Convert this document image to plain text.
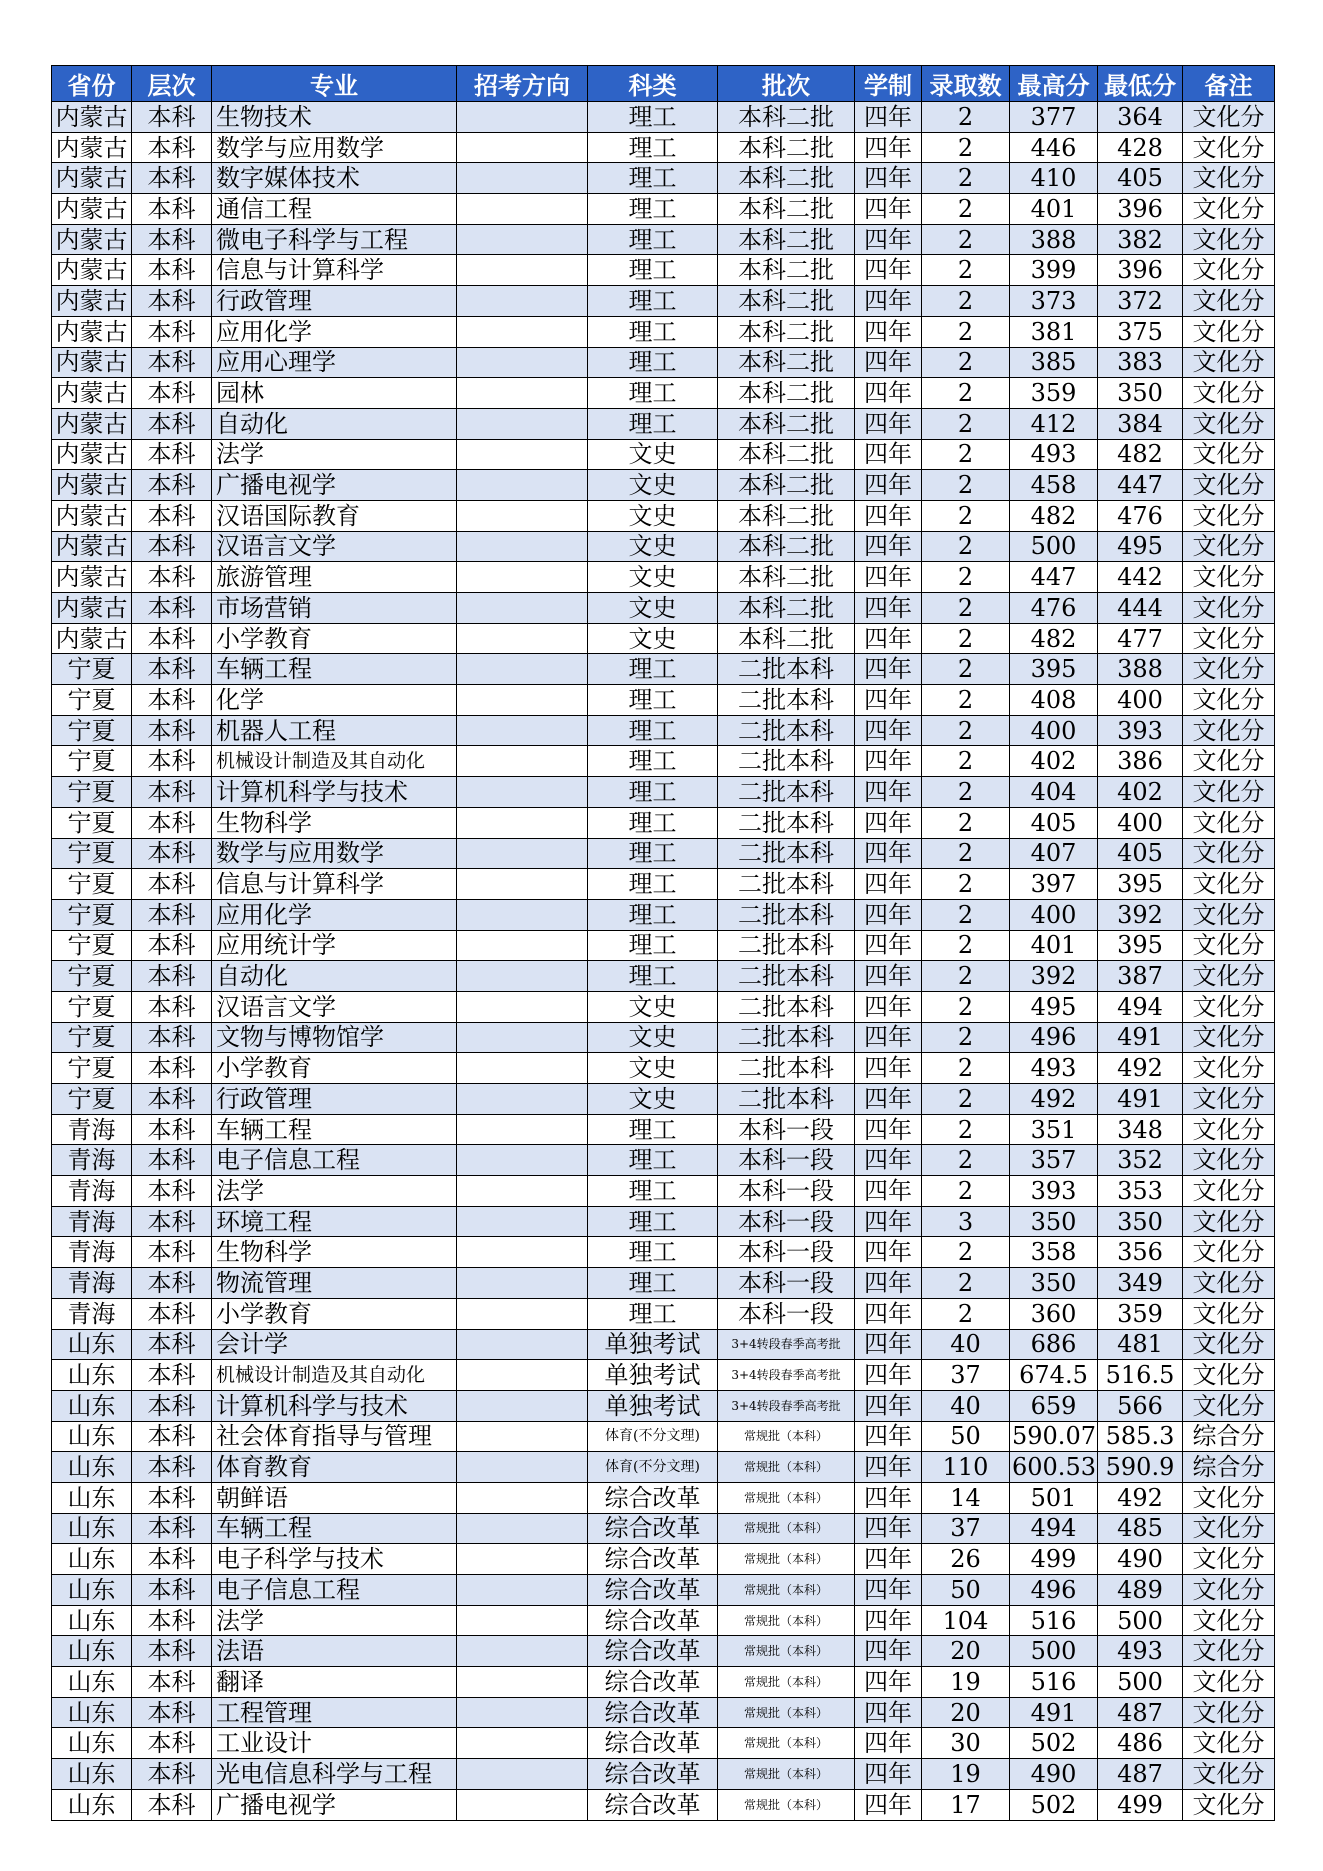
省份	层次	专业	招考方向	科类	批次	学制	录取数	最高分	最低分	备注
内蒙古	本科	生物技术		理工	本科二批	四年	2	377	364	文化分
内蒙古	本科	数学与应用数学		理工	本科二批	四年	2	446	428	文化分
内蒙古	本科	数字媒体技术		理工	本科二批	四年	2	410	405	文化分
内蒙古	本科	通信工程		理工	本科二批	四年	2	401	396	文化分
内蒙古	本科	微电子科学与工程		理工	本科二批	四年	2	388	382	文化分
内蒙古	本科	信息与计算科学		理工	本科二批	四年	2	399	396	文化分
内蒙古	本科	行政管理		理工	本科二批	四年	2	373	372	文化分
内蒙古	本科	应用化学		理工	本科二批	四年	2	381	375	文化分
内蒙古	本科	应用心理学		理工	本科二批	四年	2	385	383	文化分
内蒙古	本科	园林		理工	本科二批	四年	2	359	350	文化分
内蒙古	本科	自动化		理工	本科二批	四年	2	412	384	文化分
内蒙古	本科	法学		文史	本科二批	四年	2	493	482	文化分
内蒙古	本科	广播电视学		文史	本科二批	四年	2	458	447	文化分
内蒙古	本科	汉语国际教育		文史	本科二批	四年	2	482	476	文化分
内蒙古	本科	汉语言文学		文史	本科二批	四年	2	500	495	文化分
内蒙古	本科	旅游管理		文史	本科二批	四年	2	447	442	文化分
内蒙古	本科	市场营销		文史	本科二批	四年	2	476	444	文化分
内蒙古	本科	小学教育		文史	本科二批	四年	2	482	477	文化分
宁夏	本科	车辆工程		理工	二批本科	四年	2	395	388	文化分
宁夏	本科	化学		理工	二批本科	四年	2	408	400	文化分
宁夏	本科	机器人工程		理工	二批本科	四年	2	400	393	文化分
宁夏	本科	机械设计制造及其自动化		理工	二批本科	四年	2	402	386	文化分
宁夏	本科	计算机科学与技术		理工	二批本科	四年	2	404	402	文化分
宁夏	本科	生物科学		理工	二批本科	四年	2	405	400	文化分
宁夏	本科	数学与应用数学		理工	二批本科	四年	2	407	405	文化分
宁夏	本科	信息与计算科学		理工	二批本科	四年	2	397	395	文化分
宁夏	本科	应用化学		理工	二批本科	四年	2	400	392	文化分
宁夏	本科	应用统计学		理工	二批本科	四年	2	401	395	文化分
宁夏	本科	自动化		理工	二批本科	四年	2	392	387	文化分
宁夏	本科	汉语言文学		文史	二批本科	四年	2	495	494	文化分
宁夏	本科	文物与博物馆学		文史	二批本科	四年	2	496	491	文化分
宁夏	本科	小学教育		文史	二批本科	四年	2	493	492	文化分
宁夏	本科	行政管理		文史	二批本科	四年	2	492	491	文化分
青海	本科	车辆工程		理工	本科一段	四年	2	351	348	文化分
青海	本科	电子信息工程		理工	本科一段	四年	2	357	352	文化分
青海	本科	法学		理工	本科一段	四年	2	393	353	文化分
青海	本科	环境工程		理工	本科一段	四年	3	350	350	文化分
青海	本科	生物科学		理工	本科一段	四年	2	358	356	文化分
青海	本科	物流管理		理工	本科一段	四年	2	350	349	文化分
青海	本科	小学教育		理工	本科一段	四年	2	360	359	文化分
山东	本科	会计学		单独考试	3+4转段春季高考批	四年	40	686	481	文化分
山东	本科	机械设计制造及其自动化		单独考试	3+4转段春季高考批	四年	37	674.5	516.5	文化分
山东	本科	计算机科学与技术		单独考试	3+4转段春季高考批	四年	40	659	566	文化分
山东	本科	社会体育指导与管理		体育(不分文理)	常规批（本科）	四年	50	590.07	585.3	综合分
山东	本科	体育教育		体育(不分文理)	常规批（本科）	四年	110	600.53	590.9	综合分
山东	本科	朝鲜语		综合改革	常规批（本科）	四年	14	501	492	文化分
山东	本科	车辆工程		综合改革	常规批（本科）	四年	37	494	485	文化分
山东	本科	电子科学与技术		综合改革	常规批（本科）	四年	26	499	490	文化分
山东	本科	电子信息工程		综合改革	常规批（本科）	四年	50	496	489	文化分
山东	本科	法学		综合改革	常规批（本科）	四年	104	516	500	文化分
山东	本科	法语		综合改革	常规批（本科）	四年	20	500	493	文化分
山东	本科	翻译		综合改革	常规批（本科）	四年	19	516	500	文化分
山东	本科	工程管理		综合改革	常规批（本科）	四年	20	491	487	文化分
山东	本科	工业设计		综合改革	常规批（本科）	四年	30	502	486	文化分
山东	本科	光电信息科学与工程		综合改革	常规批（本科）	四年	19	490	487	文化分
山东	本科	广播电视学		综合改革	常规批（本科）	四年	17	502	499	文化分
